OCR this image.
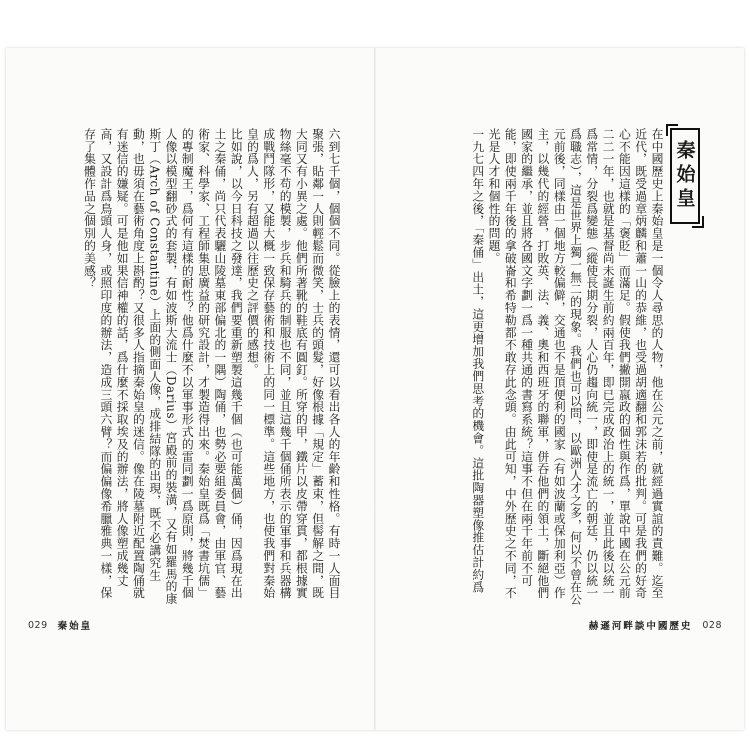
六到七千個，個個不同。從臉上的表情，還可以看出各人的年齡和性格。有時一人面目聚張，貼鄰一人則輕鬆而微笑，士兵的頭髮，好像根據「規定」蓄束，但髻解之間，既大同又有小異之處。他們所著靴的鞋底有圓釘。所穿的甲，鐵片以皮帶穿貫，都根據實物絲毫不苟的模製，步兵和騎兵的制服也不同，並且這幾千個俑所表示的軍事和兵器構成戰鬥隊形，又能大概一致保存藝術和技術上的同一標準。這些地方，也使我們對秦始皇的爲人，另有超過以往歷史之評價的感想。
比如說，以今日科技之發達，我們要重新塑製這幾千個（也可能萬個）俑，因爲現在出土之秦俑，尚只代表驪山陵墓東部偏北的一隅）陶俑，也勢必要組委員會，由軍官、藝術家、科學家、工程師集思廣益的研究設計，才製造得出來。秦始皇既爲「焚書坑儒」的專制魔王，爲何有這樣的耐性？他爲什麼不以軍事形式的雷同劃一爲原則，將幾千個人像以模型翻砂式的套製，有如波斯大流士（Darius）宮殿前的裝潢，又有如羅馬的康斯丁（Arch of Constantine）上面的側面人像，成排結隊的出現，既不必講究生動，也毋須在藝術角度上斟酌？又很多人指摘秦始皇的迷信。像在陵墓附近配置陶俑就有迷信的嫌疑。可是他如果信神權的話，爲什麼不採取埃及的辦法，將人像塑成幾丈高，又設計爲鳥頭人身，或照印度的辦法，造成三頭六臂？而偏偏像希臘雅典一樣，保存了集體作品之個別的美感？
029 秦始皇
秦始皇
在中國歷史上秦始皇是一個令人尋思的人物，他在公元之前，就經過實誼的責難。迄至近代，既受過章炳麟和蕭一山的恭維，也受過胡適翻和郭沫若的批判。可是我們的好奇心不能因這樣的「褒貶」而滿足。假使我們撇開嬴政的個性與作爲，單說中國在公元前二二一年，也就是基督尚未誕生前約兩百年，即已完成政治上的統一，並且此後以統一爲常情，分裂爲變態（縱使長期分裂，人心仍趨向統一，即使是流亡的朝廷，仍以統一爲職志），這是世界上獨一無二的現象。我們也可以問，以歐洲人才之多，何以不曾在公元前後，同樣由一個地方較偏僻，交通也不是頂便利的國家（有如波蘭或保加利亞）作主，以幾代的經營，打敗英、法、義、奧和西班牙的聯軍，併吞他們的領土，斷絕他們國家的繼承，並且將各國文字劃一爲一種共通的書寫系統？這事不但在兩千年前不可能，即使兩千年後的拿破崙和希特勒都不敢存此念頭。由此可知，中外歷史之不同，不光是人才和個性的問題。
一九七四年之後，「秦俑」出土，這更增加我們思考的機會。這批陶器塑像推估計約爲
赫遜河畔談中國歷史 028
